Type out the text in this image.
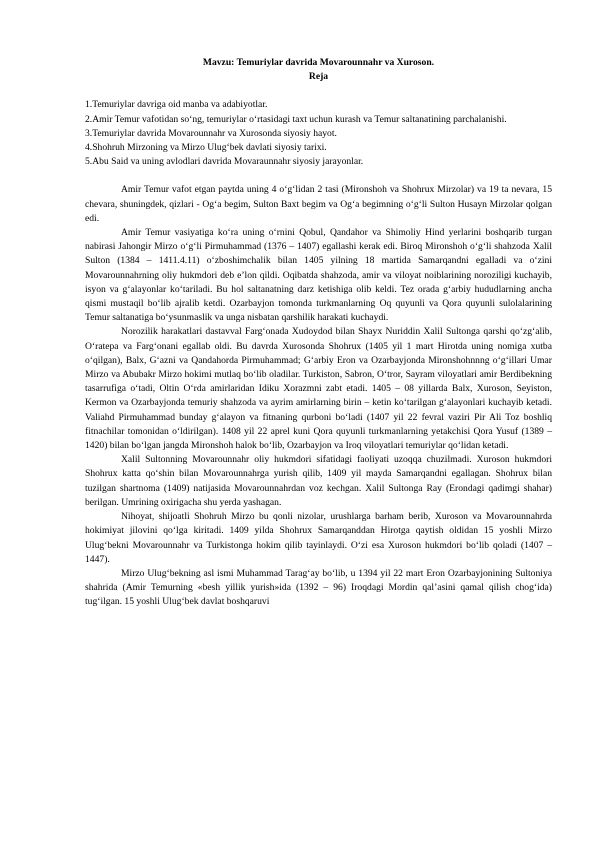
Mavzu: Temuriylar davrida Movarounnahr va Xuroson.

Reja

1.Temuriylar davriga oid manba va adabiyotlar.
2.Amir Temur vafotidan so‘ng, temuriylar o‘rtasidagi taxt uchun kurash va Temur saltanatining parchalanishi.
3.Temuriylar davrida Movarounnahr va Xurosonda siyosiy hayot.
4.Shohruh Mirzoning va Mirzo Ulug‘bek davlati siyosiy tarixi.
5.Abu Said va uning avlodlari davrida Movaraunnahr siyosiy jarayonlar.

Amir Temur vafot etgan paytda uning 4 o‘g‘lidan 2 tasi (Mironshoh va Shohrux Mirzolar) va 19 ta nevara, 15 chevara, shuningdek, qizlari - Og‘a begim, Sulton Baxt begim va Og‘a begimning o‘g‘li Sulton Husayn Mirzolar qolgan edi.

Amir Temur vasiyatiga ko‘ra uning o‘rnini Qobul, Qandahor va Shimoliy Hind yerlarini boshqarib turgan nabirasi Jahongir Mirzo o‘g‘li Pirmuhammad (1376 – 1407) egallashi kerak edi. Biroq Mironshoh o‘g‘li shahzoda Xalil Sulton (1384 – 1411.4.11) o‘zboshimchalik bilan 1405 yilning 18 martida Samarqandni egalladi va o‘zini Movarounnahrning oliy hukmdori deb e’lon qildi. Oqibatda shahzoda, amir va viloyat noiblarining noroziligi kuchayib, isyon va g‘alayonlar ko‘tariladi. Bu hol saltanatning darz ketishiga olib keldi. Tez orada g‘arbiy hududlarning ancha qismi mustaqil bo‘lib ajralib ketdi. Ozarbayjon tomonda turkmanlarning Oq quyunli va Qora quyunli sulolalarining Temur saltanatiga bo‘ysunmaslik va unga nisbatan qarshilik harakati kuchaydi.

Norozilik harakatlari dastavval Farg‘onada Xudoydod bilan Shayx Nuriddin Xalil Sultonga qarshi qo‘zg‘alib, O‘ratepa va Farg‘onani egallab oldi. Bu davrda Xurosonda Shohrux (1405 yil 1 mart Hirotda uning nomiga xutba o‘qilgan), Balx, G‘azni va Qandahorda Pirmuhammad; G‘arbiy Eron va Ozarbayjonda Mironshohnnng o‘g‘illari Umar Mirzo va Abubakr Mirzo hokimi mutlaq bo‘lib oladilar. Turkiston, Sabron, O‘tror, Sayram viloyatlari amir Berdibekning tasarrufiga o‘tadi, Oltin O‘rda amirlaridan Idiku Xorazmni zabt etadi. 1405 – 08 yillarda Balx, Xuroson, Seyiston, Kermon va Ozarbayjonda temuriy shahzoda va ayrim amirlarning birin – ketin ko‘tarilgan g‘alayonlari kuchayib ketadi. Valiahd Pirmuhammad bunday g‘alayon va fitnaning qurboni bo‘ladi (1407 yil 22 fevral vaziri Pir Ali Toz boshliq fitnachilar tomonidan o‘ldirilgan). 1408 yil 22 aprel kuni Qora quyunli turkmanlarning yetakchisi Qora Yusuf (1389 – 1420) bilan bo‘lgan jangda Mironshoh halok bo‘lib, Ozarbayjon va Iroq viloyatlari temuriylar qo‘lidan ketadi.

Xalil Sultonning Movarounnahr oliy hukmdori sifatidagi faoliyati uzoqqa chuzilmadi. Xuroson hukmdori Shohrux katta qo‘shin bilan Movarounnahrga yurish qilib, 1409 yil mayda Samarqandni egallagan. Shohrux bilan tuzilgan shartnoma (1409) natijasida Movarounnahrdan voz kechgan. Xalil Sultonga Ray (Erondagi qadimgi shahar) berilgan. Umrining oxirigacha shu yerda yashagan.

Nihoyat, shijoatli Shohruh Mirzo bu qonli nizolar, urushlarga barham berib, Xuroson va Movarounnahrda hokimiyat jilovini qo‘lga kiritadi. 1409 yilda Shohrux Samarqanddan Hirotga qaytish oldidan 15 yoshli Mirzo Ulug‘bekni Movarounnahr va Turkistonga hokim qilib tayinlaydi. O‘zi esa Xuroson hukmdori bo‘lib qoladi (1407 – 1447).

Mirzo Ulug‘bekning asl ismi Muhammad Tarag‘ay bo‘lib, u 1394 yil 22 mart Eron Ozarbayjonining Sultoniya shahrida (Amir Temurning «besh yillik yurish»ida (1392 – 96) Iroqdagi Mordin qal’asini qamal qilish chog‘ida) tug‘ilgan. 15 yoshli Ulug‘bek davlat boshqaruvi
